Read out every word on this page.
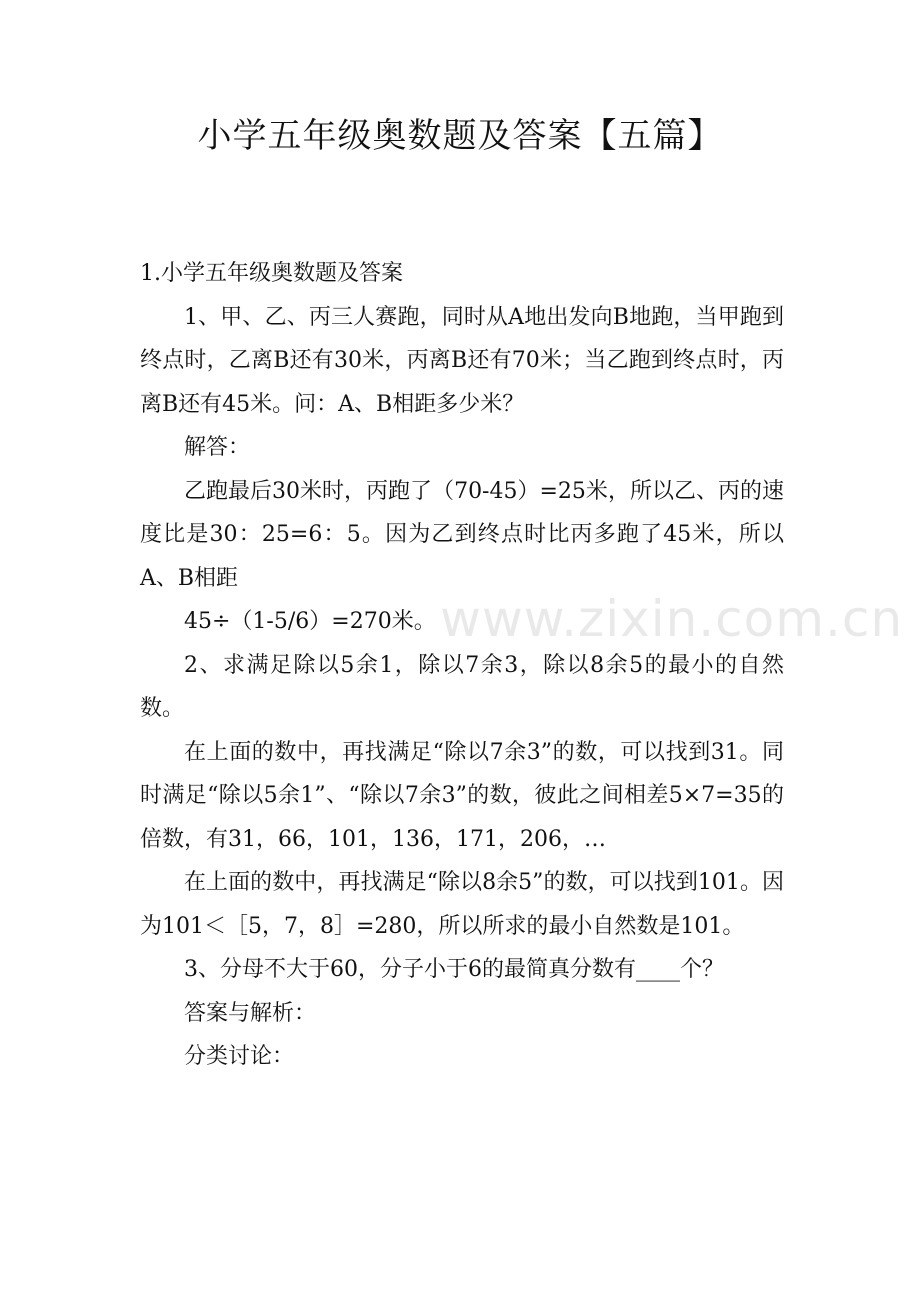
小学五年级奥数题及答案【五篇】
www.zixin.com.cn

1.小学五年级奥数题及答案

1、甲、乙、丙三人赛跑，同时从A地出发向B地跑，当甲跑到终点时，乙离B还有30米，丙离B还有70米；当乙跑到终点时，丙离B还有45米。问：A、B相距多少米？

解答：

乙跑最后30米时，丙跑了（70-45）=25米，所以乙、丙的速度比是30：25=6：5。因为乙到终点时比丙多跑了45米，所以A、B相距

45÷（1-5/6）=270米。

2、求满足除以5余1，除以7余3，除以8余5的最小的自然数。

在上面的数中，再找满足“除以7余3”的数，可以找到31。同时满足“除以5余1”、“除以7余3”的数，彼此之间相差5×7=35的倍数，有31，66，101，136，171，206，…

在上面的数中，再找满足“除以8余5”的数，可以找到101。因为101＜［5，7，8］=280，所以所求的最小自然数是101。

3、分母不大于60，分子小于6的最简真分数有____个？

答案与解析：

分类讨论：
